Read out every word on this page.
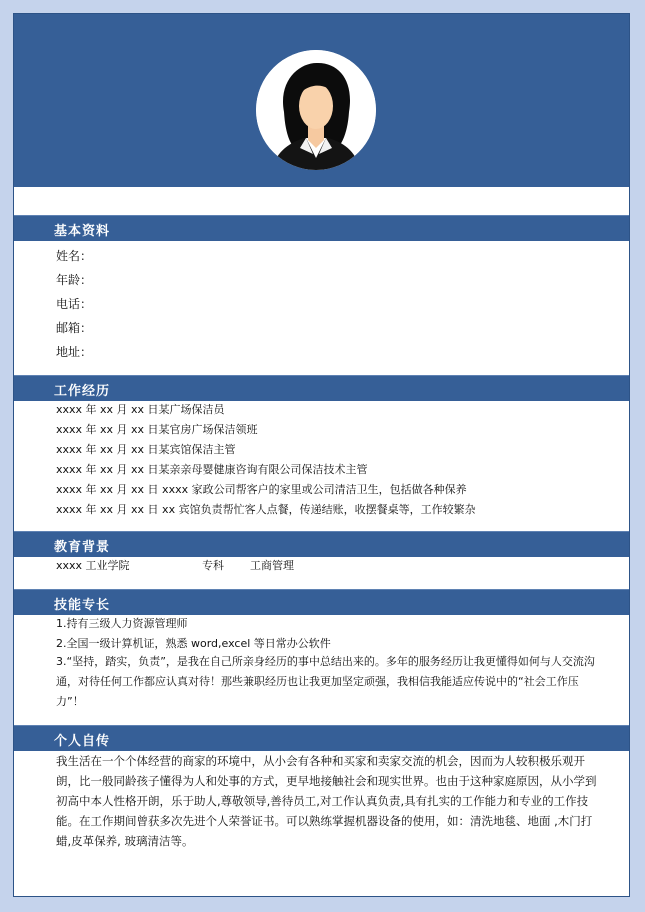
基本资料
姓名：
年龄：
电话：
邮箱：
地址：
工作经历
xxxx 年 xx 月 xx 日某广场保洁员
xxxx 年 xx 月 xx 日某官房广场保洁领班
xxxx 年 xx 月 xx 日某宾馆保洁主管
xxxx 年 xx 月 xx 日某亲亲母婴健康咨询有限公司保洁技术主管
xxxx 年 xx 月 xx 日 xxxx 家政公司帮客户的家里或公司清洁卫生，包括做各种保养
xxxx 年 xx 月 xx 日 xx 宾馆负责帮忙客人点餐，传递结账，收摆餐桌等，工作较繁杂
教育背景
xxxx 工业学院	专科 工商管理
技能专长
1.持有三级人力资源管理师
2.全国一级计算机证，熟悉 word,excel 等日常办公软件
3.“坚持，踏实，负责”，是我在自己所亲身经历的事中总结出来的。多年的服务经历让我更懂得如何与人交流沟通，对待任何工作都应认真对待！那些兼职经历也让我更加坚定顽强，我相信我能适应传说中的“社会工作压力”！
个人自传
我生活在一个个体经营的商家的环境中，从小会有各种和买家和卖家交流的机会，因而为人较积极乐观开朗，比一般同龄孩子懂得为人和处事的方式，更早地接触社会和现实世界。也由于这种家庭原因，从小学到初高中本人性格开朗，乐于助人,尊敬领导,善待员工,对工作认真负责,具有扎实的工作能力和专业的工作技能。在工作期间曾获多次先进个人荣誉证书。可以熟练掌握机器设备的使用，如：清洗地毯、地面 ,木门打蜡,皮革保养, 玻璃清洁等。
